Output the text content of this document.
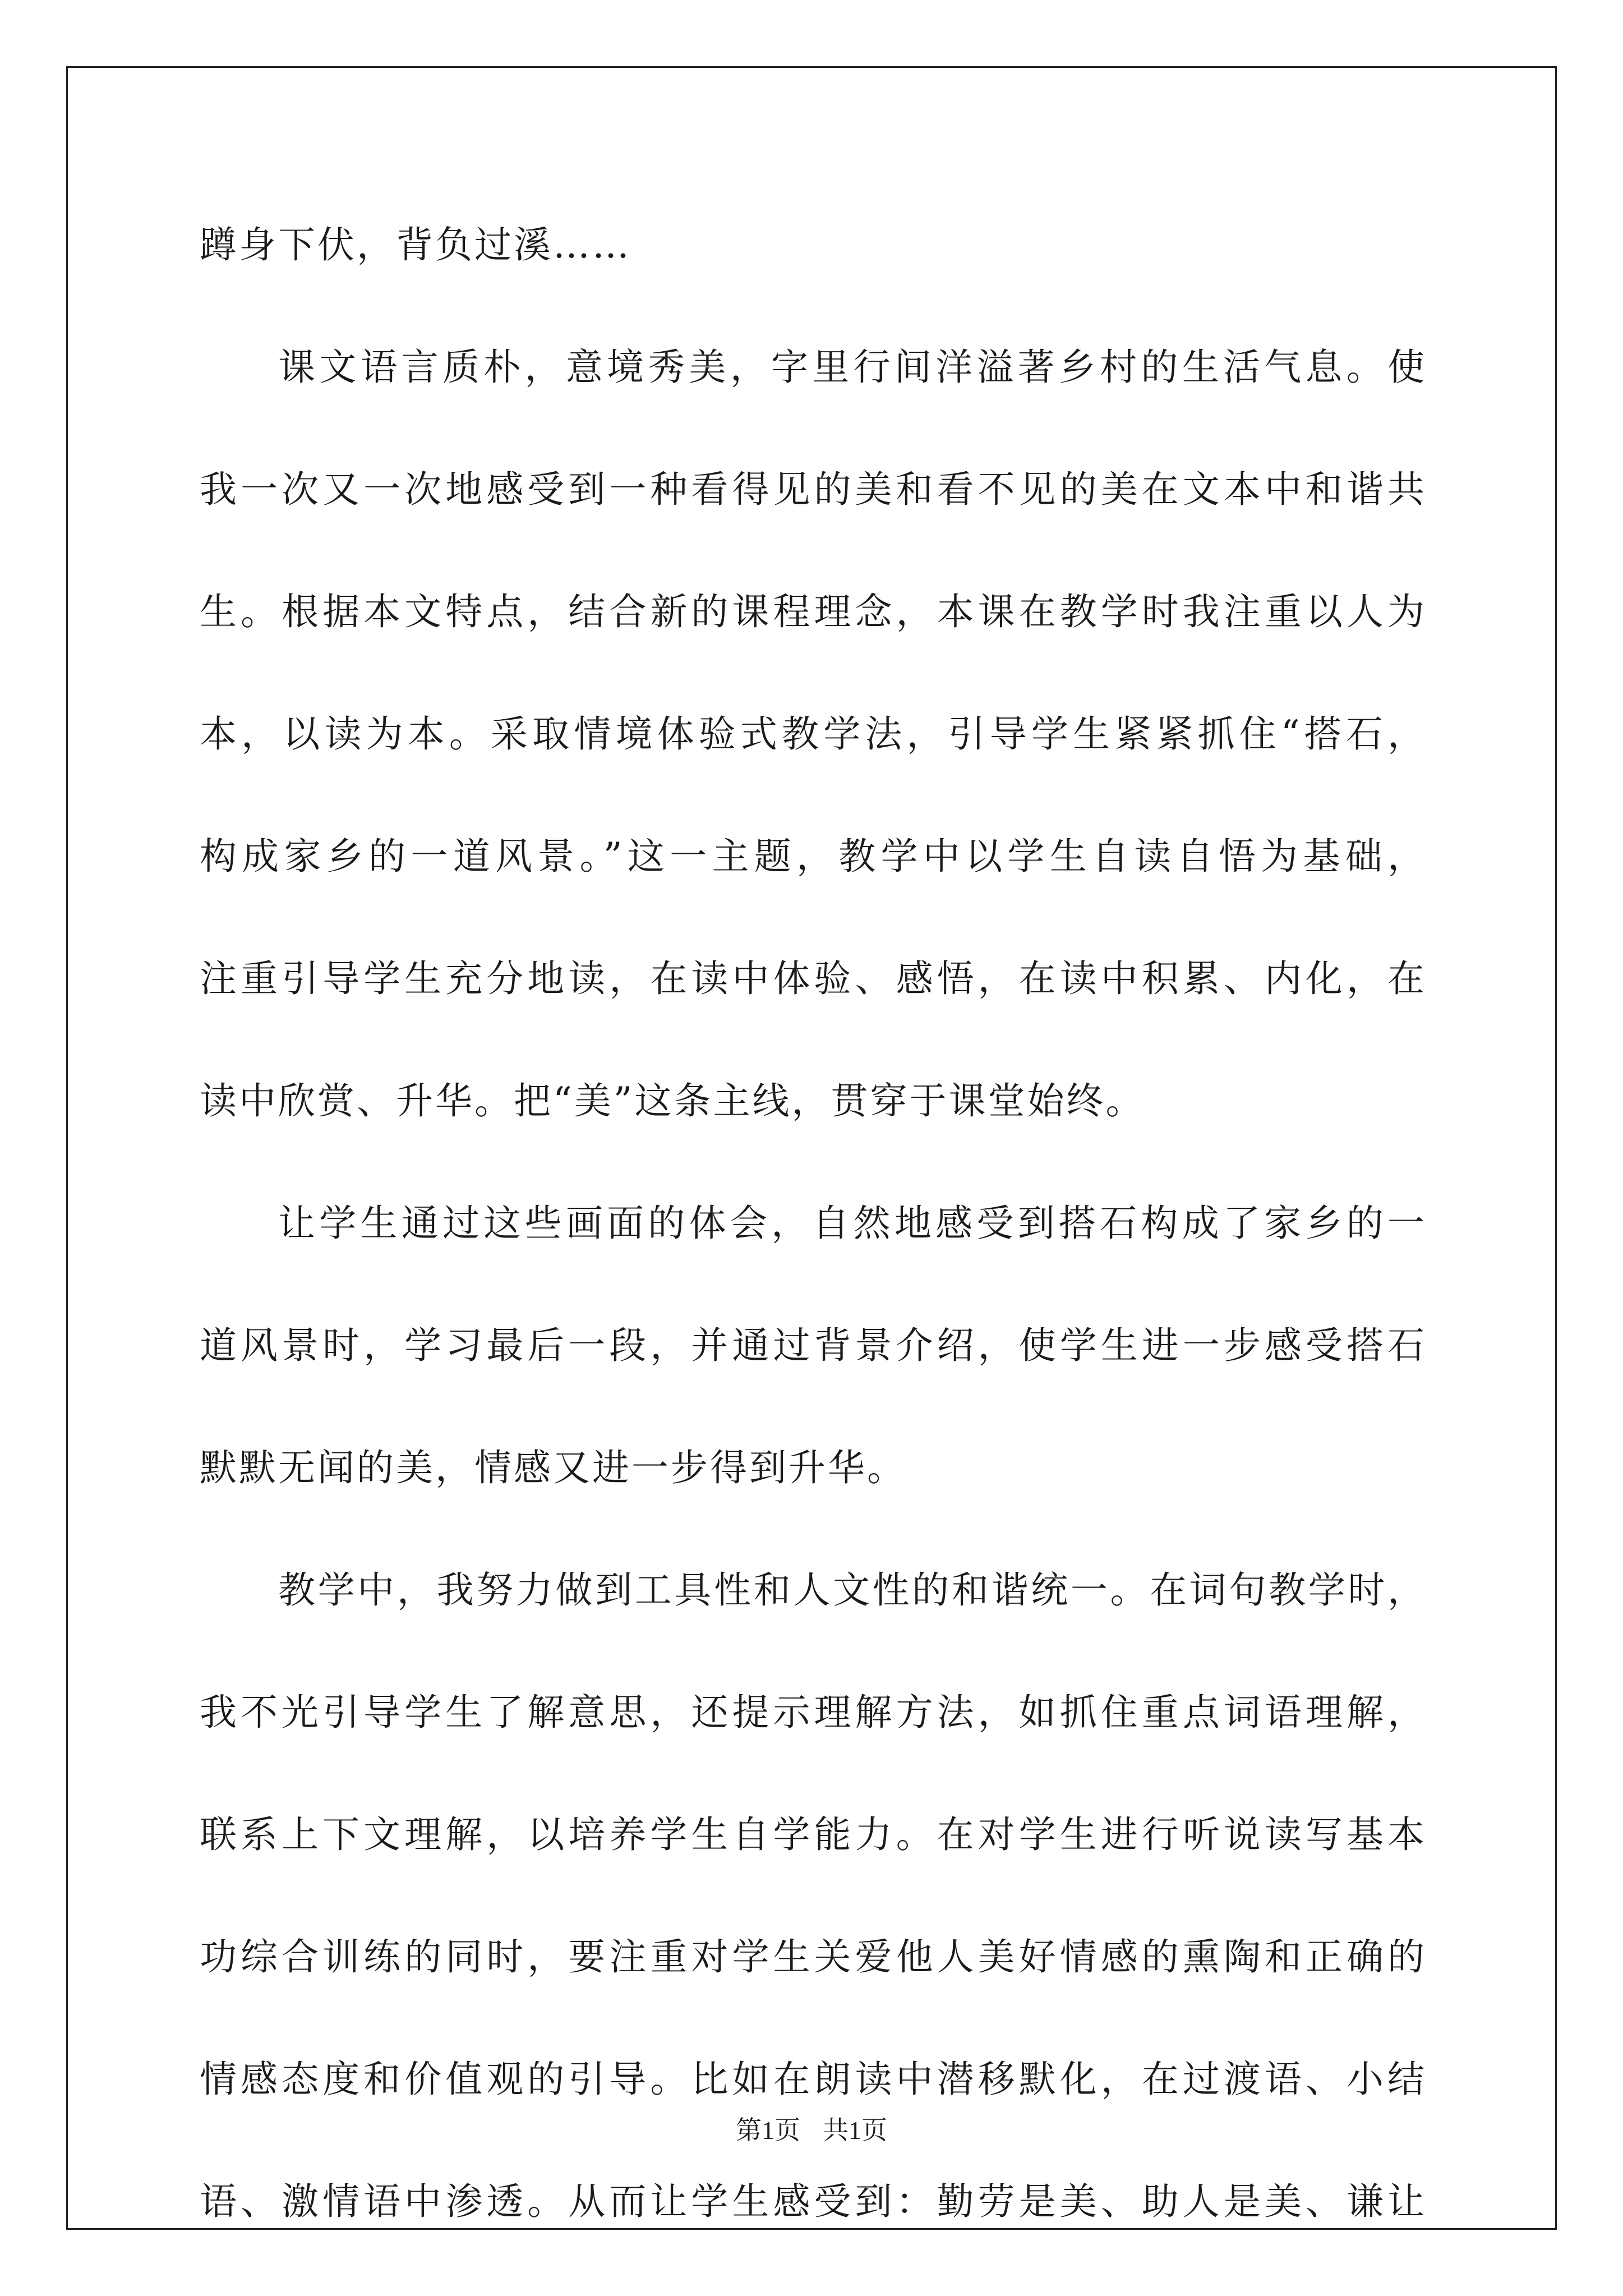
蹲身下伏，背负过溪……
课文语言质朴，意境秀美，字里行间洋溢著乡村的生活气息。使
我一次又一次地感受到一种看得见的美和看不见的美在文本中和谐共
生。根据本文特点，结合新的课程理念，本课在教学时我注重以人为
本，以读为本。采取情境体验式教学法，引导学生紧紧抓住“搭石，
构成家乡的一道风景。”这一主题，教学中以学生自读自悟为基础，
注重引导学生充分地读，在读中体验、感悟，在读中积累、内化，在
读中欣赏、升华。把“美”这条主线，贯穿于课堂始终。
让学生通过这些画面的体会，自然地感受到搭石构成了家乡的一
道风景时，学习最后一段，并通过背景介绍，使学生进一步感受搭石
默默无闻的美，情感又进一步得到升华。
教学中，我努力做到工具性和人文性的和谐统一。在词句教学时，
我不光引导学生了解意思，还提示理解方法，如抓住重点词语理解，
联系上下文理解，以培养学生自学能力。在对学生进行听说读写基本
功综合训练的同时，要注重对学生关爱他人美好情感的熏陶和正确的
情感态度和价值观的引导。比如在朗读中潜移默化，在过渡语、小结
语、激情语中渗透。从而让学生感受到：勤劳是美、助人是美、谦让
第1页 共1页
